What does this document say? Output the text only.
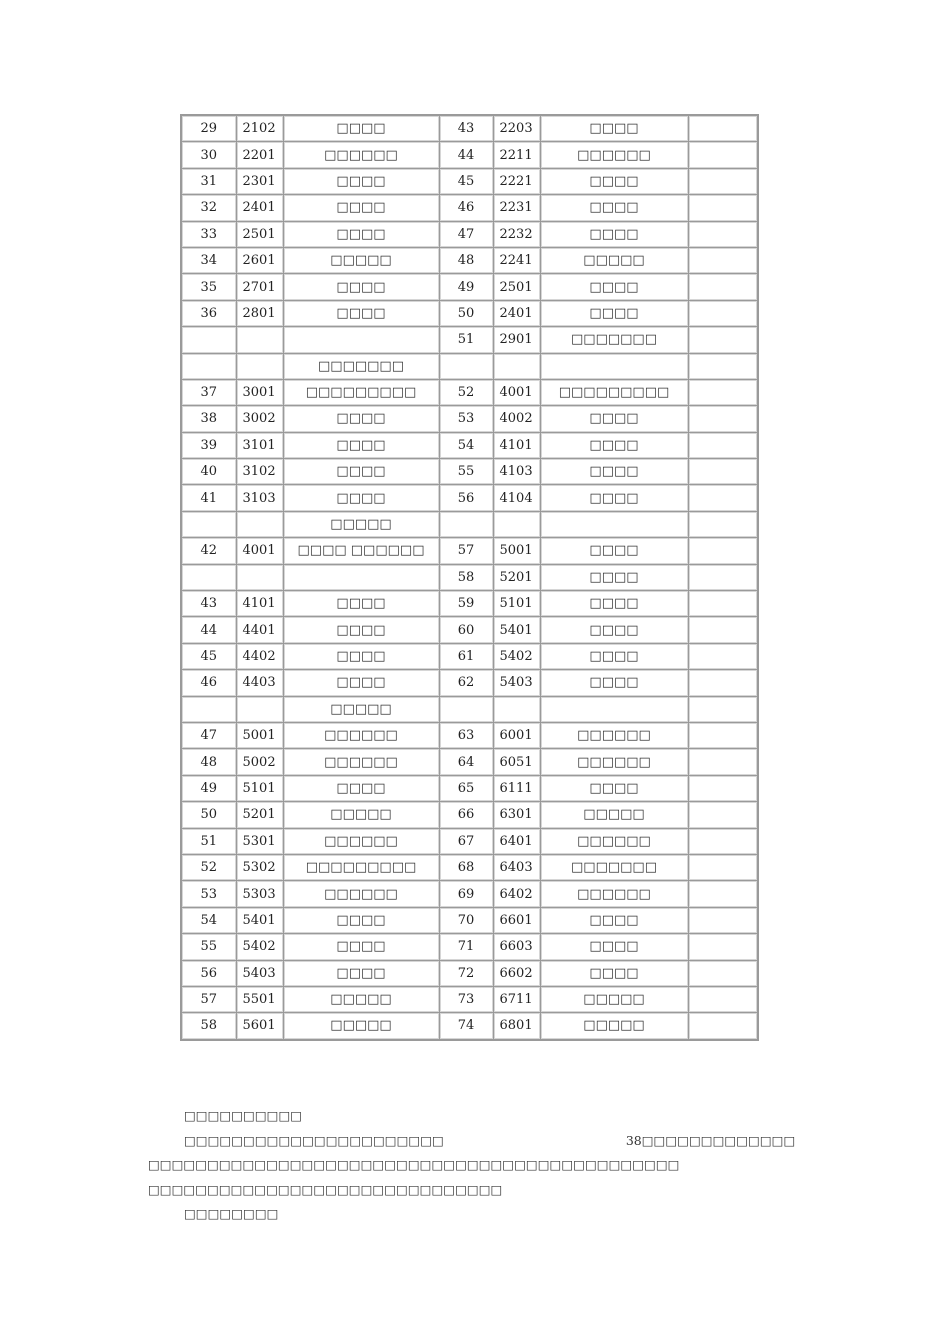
29	2102	□□□□	43	2203	□□□□	
30	2201	□□□□□□	44	2211	□□□□□□	
31	2301	□□□□	45	2221	□□□□	
32	2401	□□□□	46	2231	□□□□	
33	2501	□□□□	47	2232	□□□□	
34	2601	□□□□□	48	2241	□□□□□	
35	2701	□□□□	49	2501	□□□□	
36	2801	□□□□	50	2401	□□□□	
			51	2901	□□□□□□□	
		□□□□□□□				
37	3001	□□□□□□□□□	52	4001	□□□□□□□□□	
38	3002	□□□□	53	4002	□□□□	
39	3101	□□□□	54	4101	□□□□	
40	3102	□□□□	55	4103	□□□□	
41	3103	□□□□	56	4104	□□□□	
		□□□□□				
42	4001	□□□□ □□□□□□	57	5001	□□□□	
			58	5201	□□□□	
43	4101	□□□□	59	5101	□□□□	
44	4401	□□□□	60	5401	□□□□	
45	4402	□□□□	61	5402	□□□□	
46	4403	□□□□	62	5403	□□□□	
		□□□□□				
47	5001	□□□□□□	63	6001	□□□□□□	
48	5002	□□□□□□	64	6051	□□□□□□	
49	5101	□□□□	65	6111	□□□□	
50	5201	□□□□□	66	6301	□□□□□	
51	5301	□□□□□□	67	6401	□□□□□□	
52	5302	□□□□□□□□□	68	6403	□□□□□□□	
53	5303	□□□□□□	69	6402	□□□□□□	
54	5401	□□□□	70	6601	□□□□	
55	5402	□□□□	71	6603	□□□□	
56	5403	□□□□	72	6602	□□□□	
57	5501	□□□□□	73	6711	□□□□□	
58	5601	□□□□□	74	6801	□□□□□	

□□□□□□□□□□

□□□□□□□□□□□□□□□□□□□□□□	38□□□□□□□□□□□□□

□□□□□□□□□□□□□□□□□□□□□□□□□□□□□□□□□□□□□□□□□□□□□

□□□□□□□□□□□□□□□□□□□□□□□□□□□□□□

□□□□□□□□
